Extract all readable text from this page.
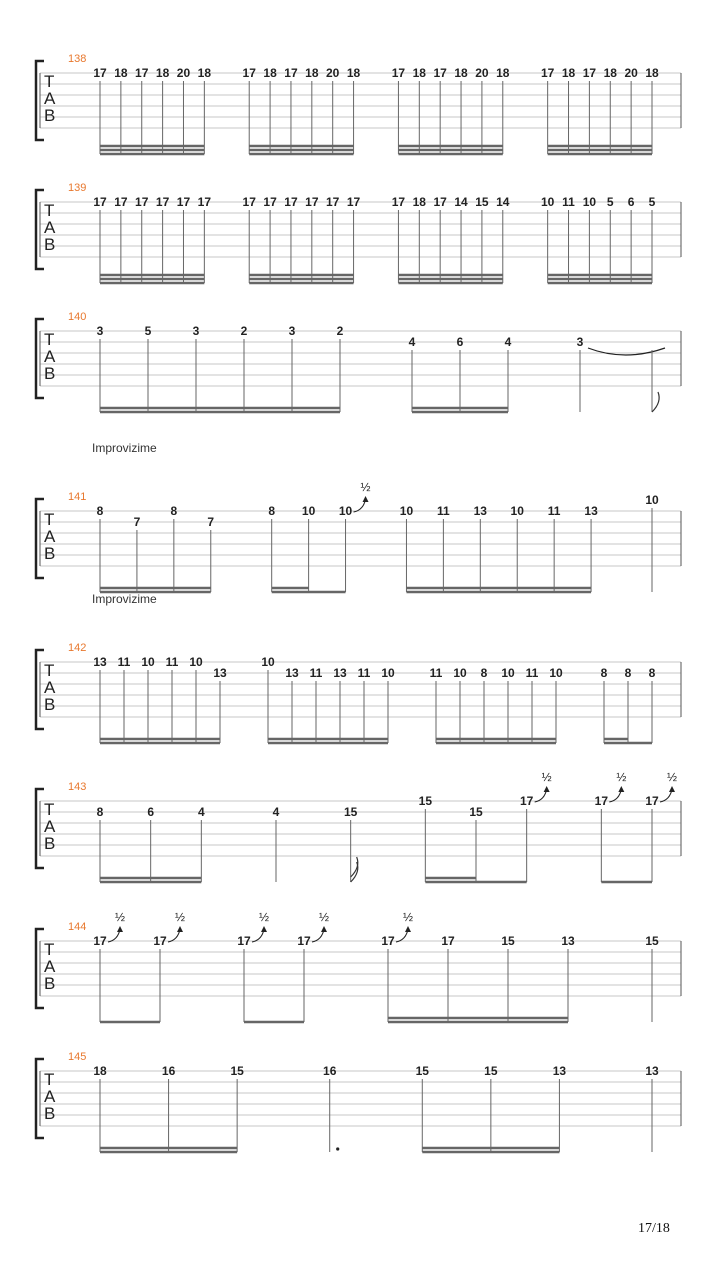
138
T
A
B
17 18 17 18 20 18	17 18 17 18 20 18	17 18 17 18 20 18	17 18 17 18 20 18
139
T
A
B
17 17 17 17 17 17	17 17 17 17 17 17	17 18 17 14 15 14	10 11 10 5 6 5
140
T
A
B
3	5	3	2	3	2
4	6	4	3
Improvizime
141
T
A
B
8
7
8
7
8 10 10
½
10 11 13 10 11 13
10
Improvizime
142
T
A
B
13 11 10 11 10
13
10
13 11 13 11 10	11 10 8 10 11 10	8 8 8
143
T
A
B
8	6	4	4	15
15
15
17
½
17
½
17
½
144
T
A
B
17
½
17
½
17
½
17
½
17
½
17	15	13	15
145
T
A
B
18	16	15	16	15	15	13	13
17/18
